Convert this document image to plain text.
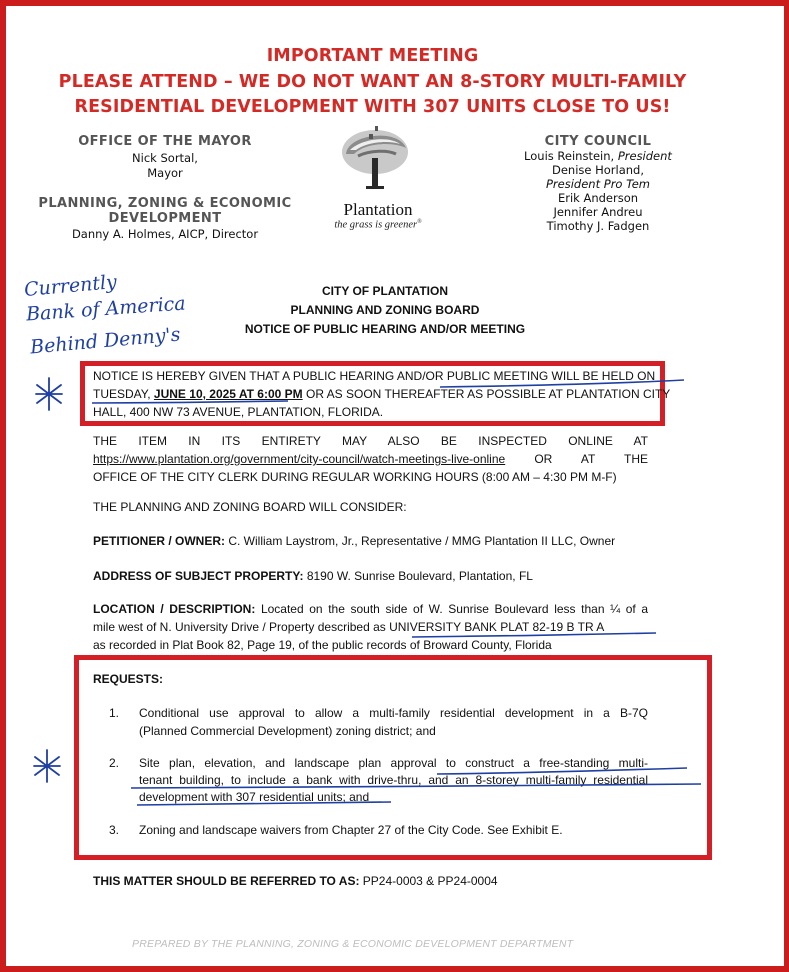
IMPORTANT MEETING
PLEASE ATTEND – WE DO NOT WANT AN 8-STORY MULTI-FAMILY
RESIDENTIAL DEVELOPMENT WITH 307 UNITS CLOSE TO US!
OFFICE OF THE MAYOR
Nick Sortal,
Mayor
PLANNING, ZONING & ECONOMIC
DEVELOPMENT
Danny A. Holmes, AICP, Director
Plantation
the grass is greener®
CITY COUNCIL
Louis Reinstein, President
Denise Horland,
President Pro Tem
Erik Anderson
Jennifer Andreu
Timothy J. Fadgen
Currently
Bank of America
Behind Denny's
CITY OF PLANTATION
PLANNING AND ZONING BOARD
NOTICE OF PUBLIC HEARING AND/OR MEETING
NOTICE IS HEREBY GIVEN THAT A PUBLIC HEARING AND/OR PUBLIC MEETING WILL BE HELD ON
TUESDAY, JUNE 10, 2025 AT 6:00 PM OR AS SOON THEREAFTER AS POSSIBLE AT PLANTATION CITY
HALL, 400 NW 73 AVENUE, PLANTATION, FLORIDA.
THE ITEM IN ITS ENTIRETY MAY ALSO BE INSPECTED ONLINE AT
https://www.plantation.org/government/city-council/watch-meetings-live-online OR AT THE
OFFICE OF THE CITY CLERK DURING REGULAR WORKING HOURS (8:00 AM – 4:30 PM M-F)
THE PLANNING AND ZONING BOARD WILL CONSIDER:
PETITIONER / OWNER: C. William Laystrom, Jr., Representative / MMG Plantation II LLC, Owner
ADDRESS OF SUBJECT PROPERTY: 8190 W. Sunrise Boulevard, Plantation, FL
LOCATION / DESCRIPTION: Located on the south side of W. Sunrise Boulevard less than ¼ of a
mile west of N. University Drive / Property described as UNIVERSITY BANK PLAT 82-19 B TR A
as recorded in Plat Book 82, Page 19, of the public records of Broward County, Florida
REQUESTS:
1. Conditional use approval to allow a multi-family residential development in a B-7Q
(Planned Commercial Development) zoning district; and
2. Site plan, elevation, and landscape plan approval to construct a free-standing multi-
tenant building, to include a bank with drive-thru, and an 8-storey multi-family residential
development with 307 residential units; and
3. Zoning and landscape waivers from Chapter 27 of the City Code. See Exhibit E.
THIS MATTER SHOULD BE REFERRED TO AS: PP24-0003 & PP24-0004
PREPARED BY THE PLANNING, ZONING & ECONOMIC DEVELOPMENT DEPARTMENT
